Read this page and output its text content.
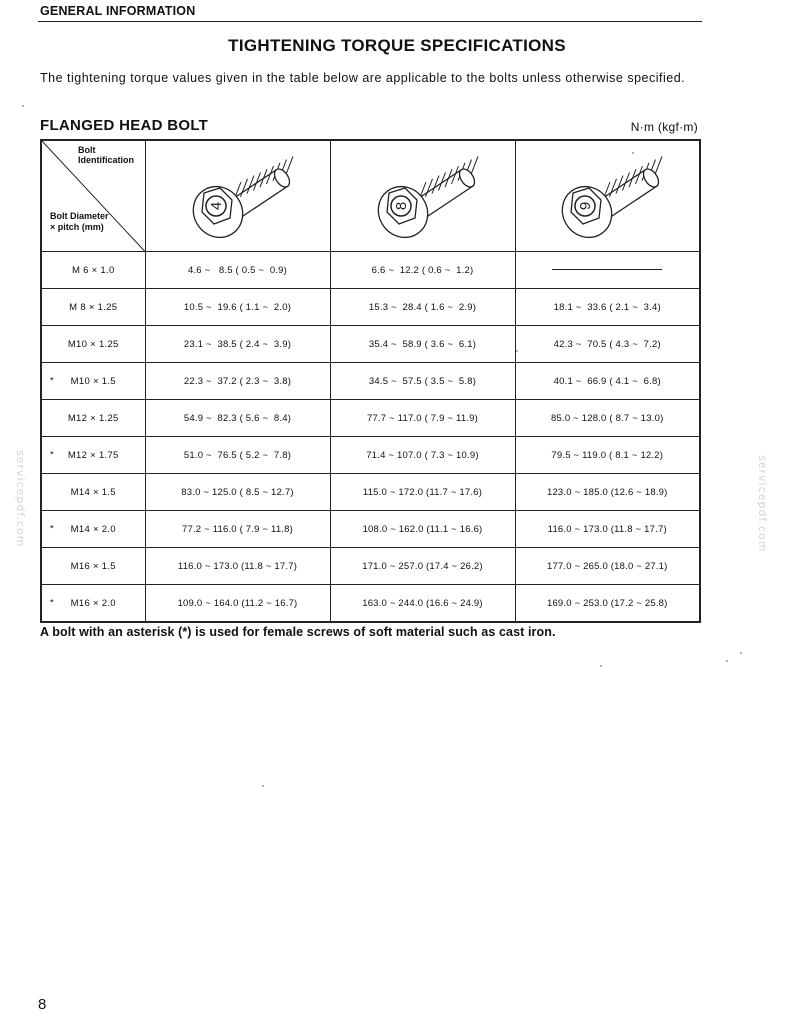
GENERAL INFORMATION
TIGHTENING TORQUE SPECIFICATIONS
The tightening torque values given in the table below are applicable to the bolts unless otherwise specified.
FLANGED HEAD BOLT	N·m (kgf·m)
Bolt Identification
Bolt Diameter × pitch (mm)	4	8	9

M 6 × 1.0	4.6 ~   8.5 ( 0.5 ~  0.9)	6.6 ~  12.2 ( 0.6 ~  1.2)	

M 8 × 1.25	10.5 ~  19.6 ( 1.1 ~  2.0)	15.3 ~  28.4 ( 1.6 ~  2.9)	18.1 ~  33.6 ( 2.1 ~  3.4)

M10 × 1.25	23.1 ~  38.5 ( 2.4 ~  3.9)	35.4 ~  58.9 ( 3.6 ~  6.1)	42.3 ~  70.5 ( 4.3 ~  7.2)

* M10 × 1.5	22.3 ~  37.2 ( 2.3 ~  3.8)	34.5 ~  57.5 ( 3.5 ~  5.8)	40.1 ~  66.9 ( 4.1 ~  6.8)

M12 × 1.25	54.9 ~  82.3 ( 5.6 ~  8.4)	77.7 ~ 117.0 ( 7.9 ~ 11.9)	85.0 ~ 128.0 ( 8.7 ~ 13.0)

* M12 × 1.75	51.0 ~  76.5 ( 5.2 ~  7.8)	71.4 ~ 107.0 ( 7.3 ~ 10.9)	79.5 ~ 119.0 ( 8.1 ~ 12.2)

M14 × 1.5	83.0 ~ 125.0 ( 8.5 ~ 12.7)	115.0 ~ 172.0 (11.7 ~ 17.6)	123.0 ~ 185.0 (12.6 ~ 18.9)

* M14 × 2.0	77.2 ~ 116.0 ( 7.9 ~ 11.8)	108.0 ~ 162.0 (11.1 ~ 16.6)	116.0 ~ 173.0 (11.8 ~ 17.7)

M16 × 1.5	116.0 ~ 173.0 (11.8 ~ 17.7)	171.0 ~ 257.0 (17.4 ~ 26.2)	177.0 ~ 265.0 (18.0 ~ 27.1)

* M16 × 2.0	109.0 ~ 164.0 (11.2 ~ 16.7)	163.0 ~ 244.0 (16.6 ~ 24.9)	169.0 ~ 253.0 (17.2 ~ 25.8)
A bolt with an asterisk (*) is used for female screws of soft material such as cast iron.
servicepdf.com	servicepdf.com
8
